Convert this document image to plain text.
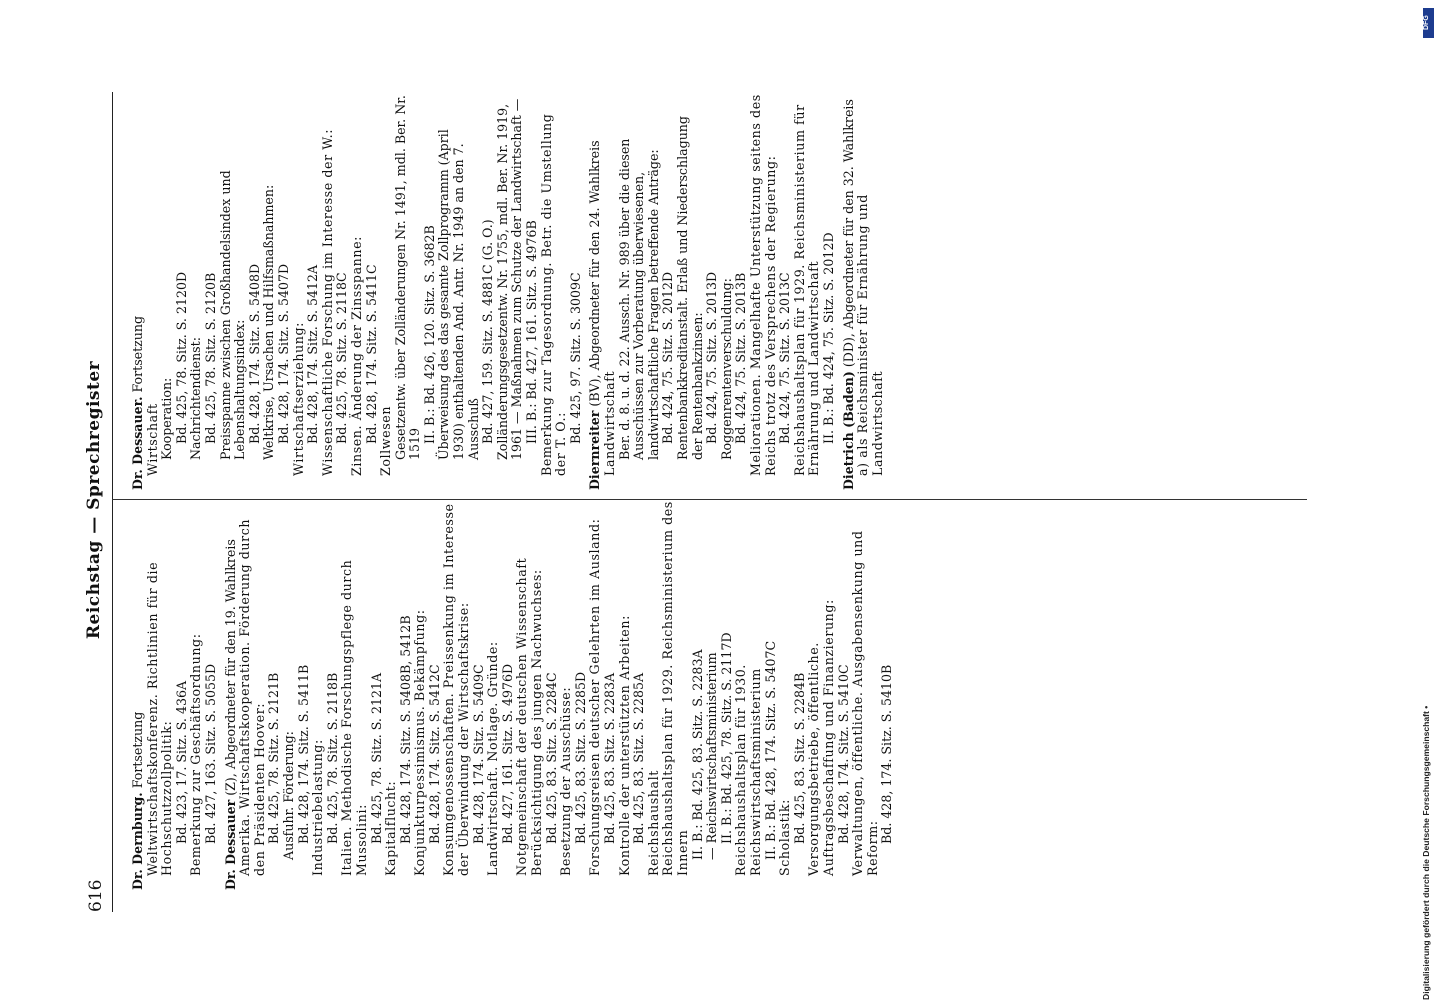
616
Reichstag — Sprechregister
Dr. Dernburg. Fortsetzung Weltwirtschaftskonferenz. Richtlinien für die Hochschutzzollpolitik: Bd. 423, 17. Sitz. S. 436A Bemerkung zur Geschäftsordnung: Bd. 427, 163. Sitz. S. 5055D
Dr. Dessauer (Z), Abgeordneter für den 19. Wahlkreis Amerika. Wirtschaftskooperation. Förderung durch den Präsidenten Hoover: Bd. 425, 78. Sitz. S. 2121B Ausfuhr. Förderung: Bd. 428, 174. Sitz. S. 5411B Industriebelastung: Bd. 425, 78. Sitz. S. 2118B Italien. Methodische Forschungspflege durch Mussolini: Bd. 425, 78. Sitz. S. 2121A Kapitalflucht: Bd. 428, 174. Sitz. S. 5408B, 5412B Konjunkturpessimismus. Bekämpfung: Bd. 428, 174. Sitz. S. 5412C Konsumgenossenschaften. Preissenkung im Interesse der Überwindung der Wirtschaftskrise: Bd. 428, 174. Sitz. S. 5409C Landwirtschaft. Notlage. Gründe: Bd. 427, 161. Sitz. S. 4976D Notgemeinschaft der deutschen Wissenschaft Berücksichtigung des jungen Nachwuchses: Bd. 425, 83. Sitz. S. 2284C Besetzung der Ausschüsse: Bd. 425, 83. Sitz. S. 2285D Forschungsreisen deutscher Gelehrten im Ausland: Bd. 425, 83. Sitz. S. 2283A Kontrolle der unterstützten Arbeiten: Bd. 425, 83. Sitz. S. 2285A Reichshaushalt Reichshaushaltsplan für 1929. Reichsministerium des Innern II. B.: Bd. 425, 83. Sitz. S. 2283A — Reichswirtschaftsministerium II. B.: Bd. 425, 78. Sitz. S. 2117D Reichshaushaltsplan für 1930. Reichswirtschaftsministerium II. B.: Bd. 428, 174. Sitz. S. 5407C Scholastik: Bd. 425, 83. Sitz. S. 2284B Versorgungsbetriebe, öffentliche. Auftragsbeschaffung und Finanzierung: Bd. 428, 174. Sitz. S. 5410C Verwaltungen, öffentliche. Ausgabensenkung und Reform:
Bd. 428, 174. Sitz. S. 5410B
Dr. Dessauer. Fortsetzung
Wirtschaft Kooperation: Bd. 425, 78. Sitz. S. 2120D Nachrichtendienst: Bd. 425, 78. Sitz. S. 2120B Preisspanne zwischen Großhandelsindex und Lebenshaltungsindex: Bd. 428, 174. Sitz. S. 5408D Weltkrise, Ursachen und Hilfsmaßnahmen: Bd. 428, 174. Sitz. S. 5407D Wirtschaftserziehung: Bd. 428, 174. Sitz. S. 5412A Wissenschaftliche Forschung im Interesse der W.: Bd. 425, 78. Sitz. S. 2118C Zinsen. Änderung der Zinsspanne: Bd. 428, 174. Sitz. S. 5411C Zollwesen Gesetzentw. über Zolländerungen Nr. 1491, mdl. Ber. Nr. 1519 II. B.: Bd. 426, 120. Sitz. S. 3682B Überweisung des das gesamte Zollprogramm (April 1930) enthaltenden And. Antr. Nr. 1949 an den 7. Ausschuß Bd. 427, 159. Sitz. S. 4881C (G. O.) Zolländerungsgesetzentw. Nr. 1755, mdl. Ber. Nr. 1919, 1961 — Maßnahmen zum Schutze der Landwirtschaft — III. B.: Bd. 427, 161. Sitz. S. 4976B Bemerkung zur Tagesordnung. Betr. die Umstellung der T. O.:
Bd. 425, 97. Sitz. S. 3009C
Diernreiter (BV), Abgeordneter für den 24. Wahlkreis
Landwirtschaft Ber. d. 8. u. d. 22. Aussch. Nr. 989 über die diesen Ausschüssen zur Vorberatung überwiesenen, landwirtschaftliche Fragen betreffende Anträge: Bd. 424, 75. Sitz. S. 2012D Rentenbankkreditanstalt. Erlaß und Niederschlagung der Rentenbankzinsen: Bd. 424, 75. Sitz. S. 2013D Roggenrentenverschuldung: Bd. 424, 75. Sitz. S. 2013B Meliorationen. Mangelhafte Unterstützung seitens des Reichs trotz des Versprechens der Regierung: Bd. 424, 75. Sitz. S. 2013C Reichshaushaltsplan für 1929. Reichsministerium für Ernährung und Landwirtschaft II. B.: Bd. 424, 75. Sitz. S. 2012D Dietrich (Baden) (DD), Abgeordneter für den 32. Wahlkreis a) als Reichsminister für Ernährung und Landwirtschaft
Digitalisierung gefördert durch die Deutsche Forschungsgemeinschaft •
DFG
